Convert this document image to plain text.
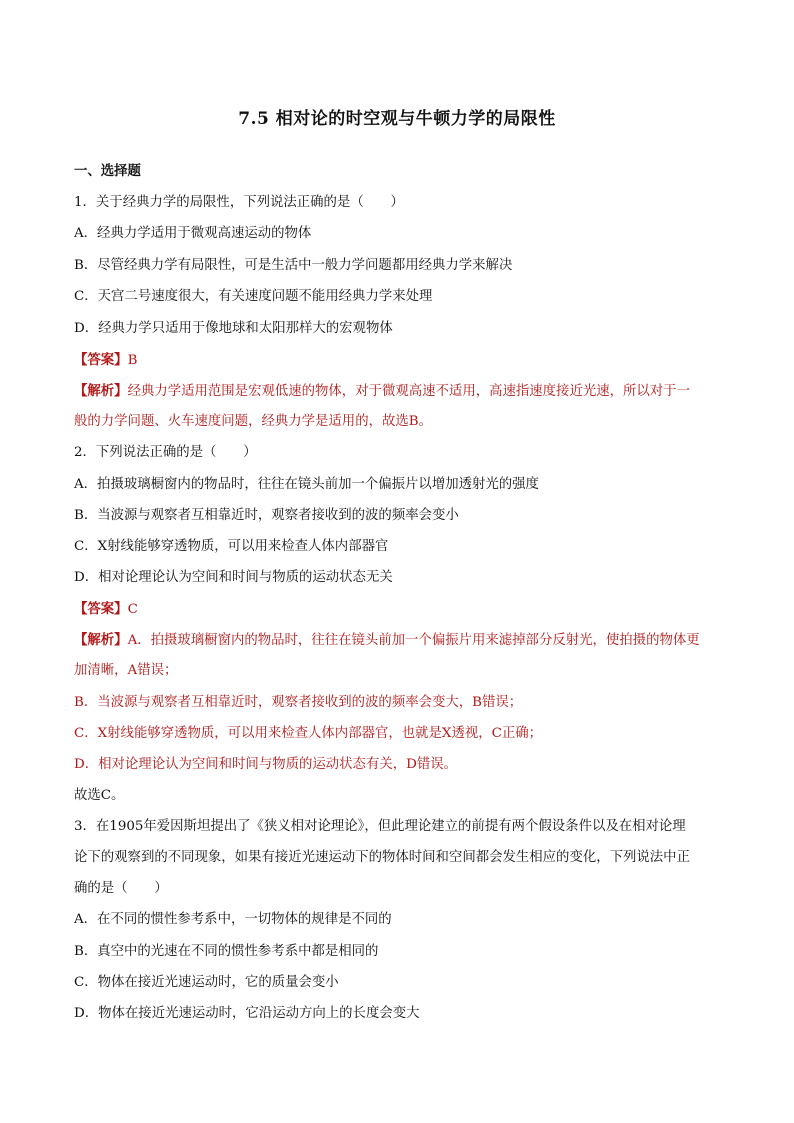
7.5 相对论的时空观与牛顿力学的局限性
一、选择题
1．关于经典力学的局限性，下列说法正确的是（　　）
A．经典力学适用于微观高速运动的物体
B．尽管经典力学有局限性，可是生活中一般力学问题都用经典力学来解决
C．天宫二号速度很大，有关速度问题不能用经典力学来处理
D．经典力学只适用于像地球和太阳那样大的宏观物体
【答案】B
【解析】经典力学适用范围是宏观低速的物体，对于微观高速不适用，高速指速度接近光速，所以对于一
般的力学问题、火车速度问题，经典力学是适用的，故选B。
2．下列说法正确的是（　　）
A．拍摄玻璃橱窗内的物品时，往往在镜头前加一个偏振片以增加透射光的强度
B．当波源与观察者互相靠近时，观察者接收到的波的频率会变小
C．X射线能够穿透物质，可以用来检查人体内部器官
D．相对论理论认为空间和时间与物质的运动状态无关
【答案】C
【解析】A．拍摄玻璃橱窗内的物品时，往往在镜头前加一个偏振片用来滤掉部分反射光，使拍摄的物体更
加清晰，A错误；
B．当波源与观察者互相靠近时，观察者接收到的波的频率会变大，B错误；
C．X射线能够穿透物质，可以用来检查人体内部器官，也就是X透视，C正确；
D．相对论理论认为空间和时间与物质的运动状态有关，D错误。
故选C。
3．在1905年爱因斯坦提出了《狭义相对论理论》，但此理论建立的前提有两个假设条件以及在相对论理
论下的观察到的不同现象，如果有接近光速运动下的物体时间和空间都会发生相应的变化，下列说法中正
确的是（　　）
A．在不同的惯性参考系中，一切物体的规律是不同的
B．真空中的光速在不同的惯性参考系中都是相同的
C．物体在接近光速运动时，它的质量会变小
D．物体在接近光速运动时，它沿运动方向上的长度会变大
